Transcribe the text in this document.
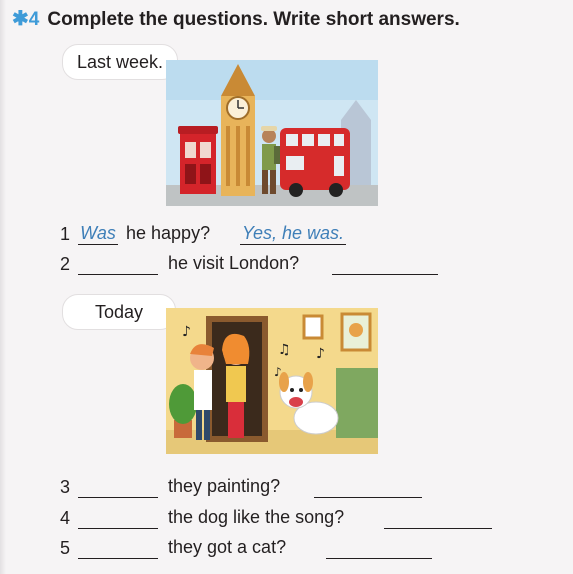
✱4 Complete the questions. Write short answers.
Last week.
1 Was he happy? Yes, he was.
2	he visit London?
Today
♪
♫ ♪
♪
3	they painting?
4	the dog like the song?
5	they got a cat?
